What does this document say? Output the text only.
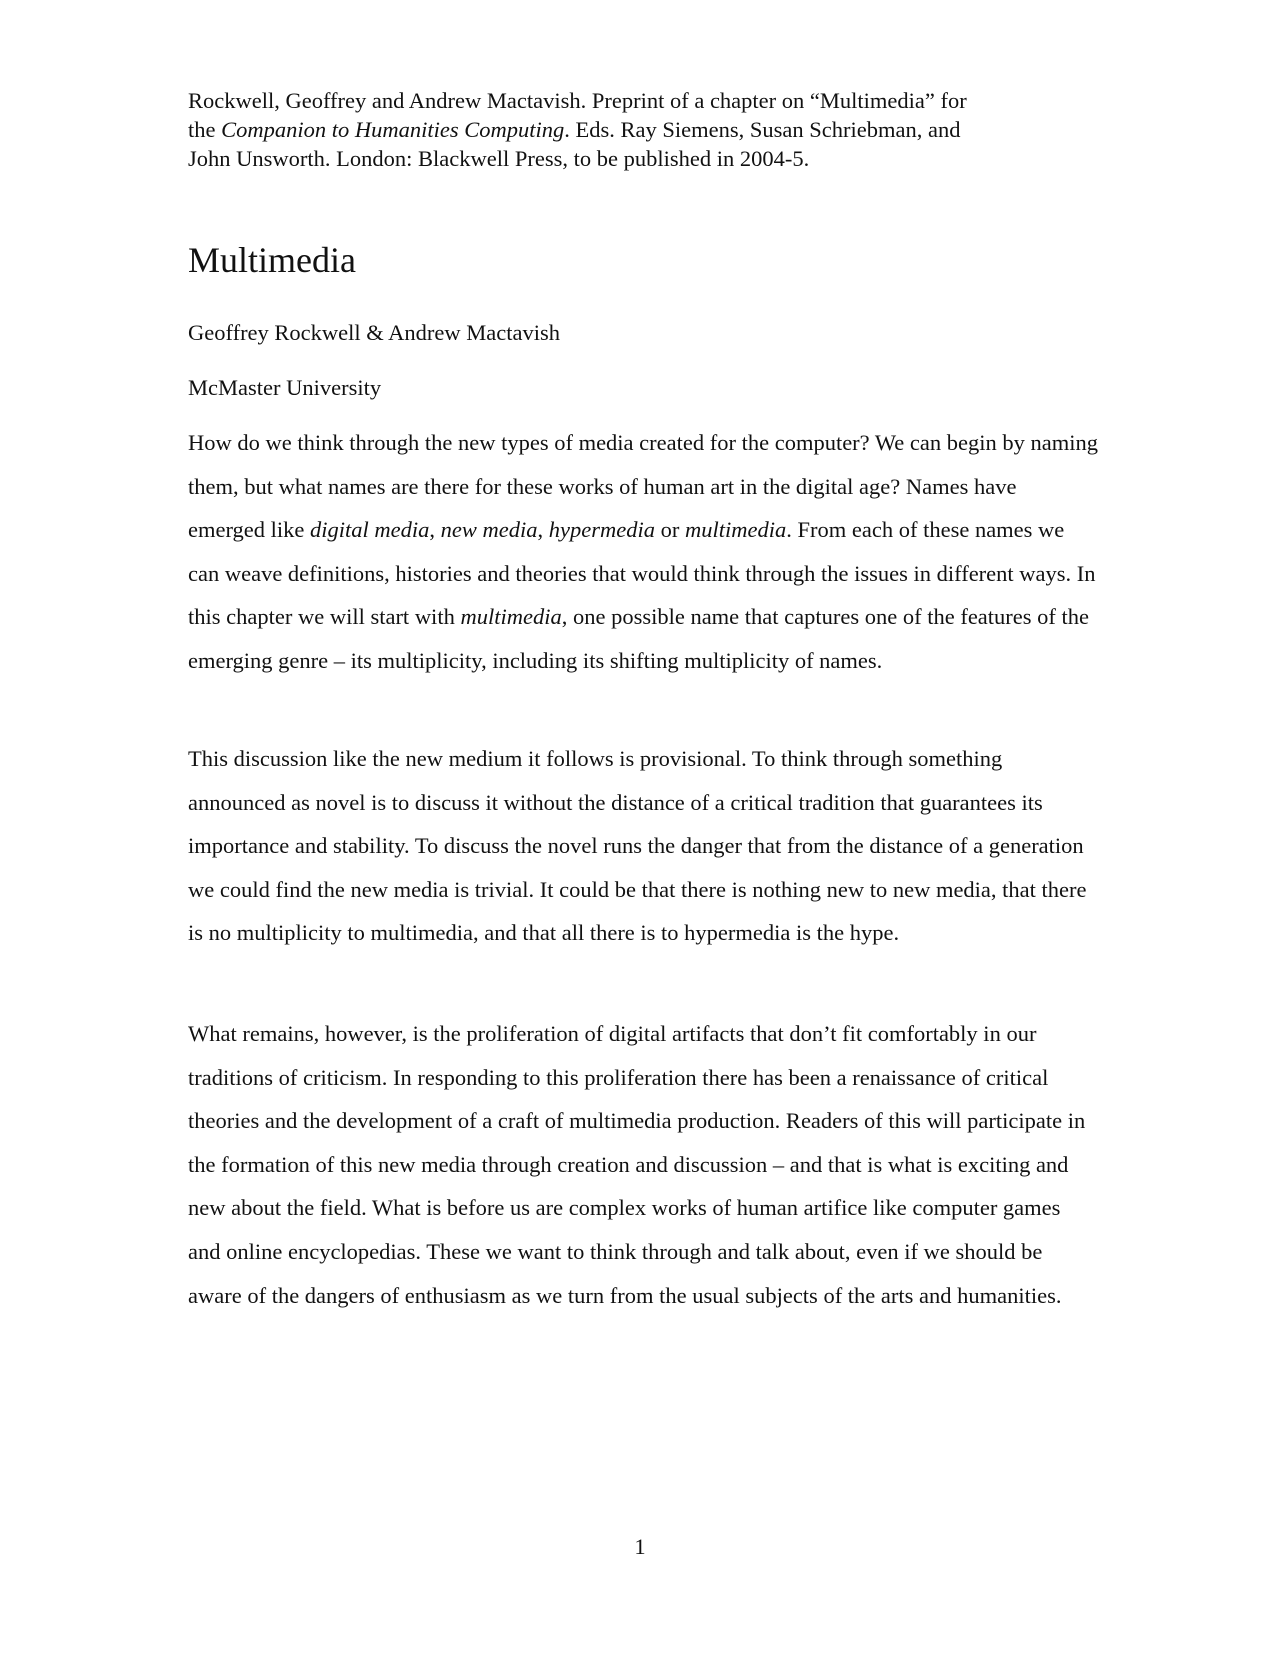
Rockwell, Geoffrey and Andrew Mactavish. Preprint of a chapter on “Multimedia” for
the Companion to Humanities Computing. Eds. Ray Siemens, Susan Schriebman, and
John Unsworth. London: Blackwell Press, to be published in 2004-5.
Multimedia
Geoffrey Rockwell & Andrew Mactavish
McMaster University

How do we think through the new types of media created for the computer? We can begin by naming them, but what names are there for these works of human art in the digital age? Names have emerged like digital media, new media, hypermedia or multimedia. From each of these names we can weave definitions, histories and theories that would think through the issues in different ways. In this chapter we will start with multimedia, one possible name that captures one of the features of the emerging genre – its multiplicity, including its shifting multiplicity of names.

This discussion like the new medium it follows is provisional. To think through something announced as novel is to discuss it without the distance of a critical tradition that guarantees its importance and stability. To discuss the novel runs the danger that from the distance of a generation we could find the new media is trivial. It could be that there is nothing new to new media, that there is no multiplicity to multimedia, and that all there is to hypermedia is the hype.

What remains, however, is the proliferation of digital artifacts that don’t fit comfortably in our traditions of criticism. In responding to this proliferation there has been a renaissance of critical theories and the development of a craft of multimedia production. Readers of this will participate in the formation of this new media through creation and discussion – and that is what is exciting and new about the field. What is before us are complex works of human artifice like computer games and online encyclopedias. These we want to think through and talk about, even if we should be aware of the dangers of enthusiasm as we turn from the usual subjects of the arts and humanities.

1
